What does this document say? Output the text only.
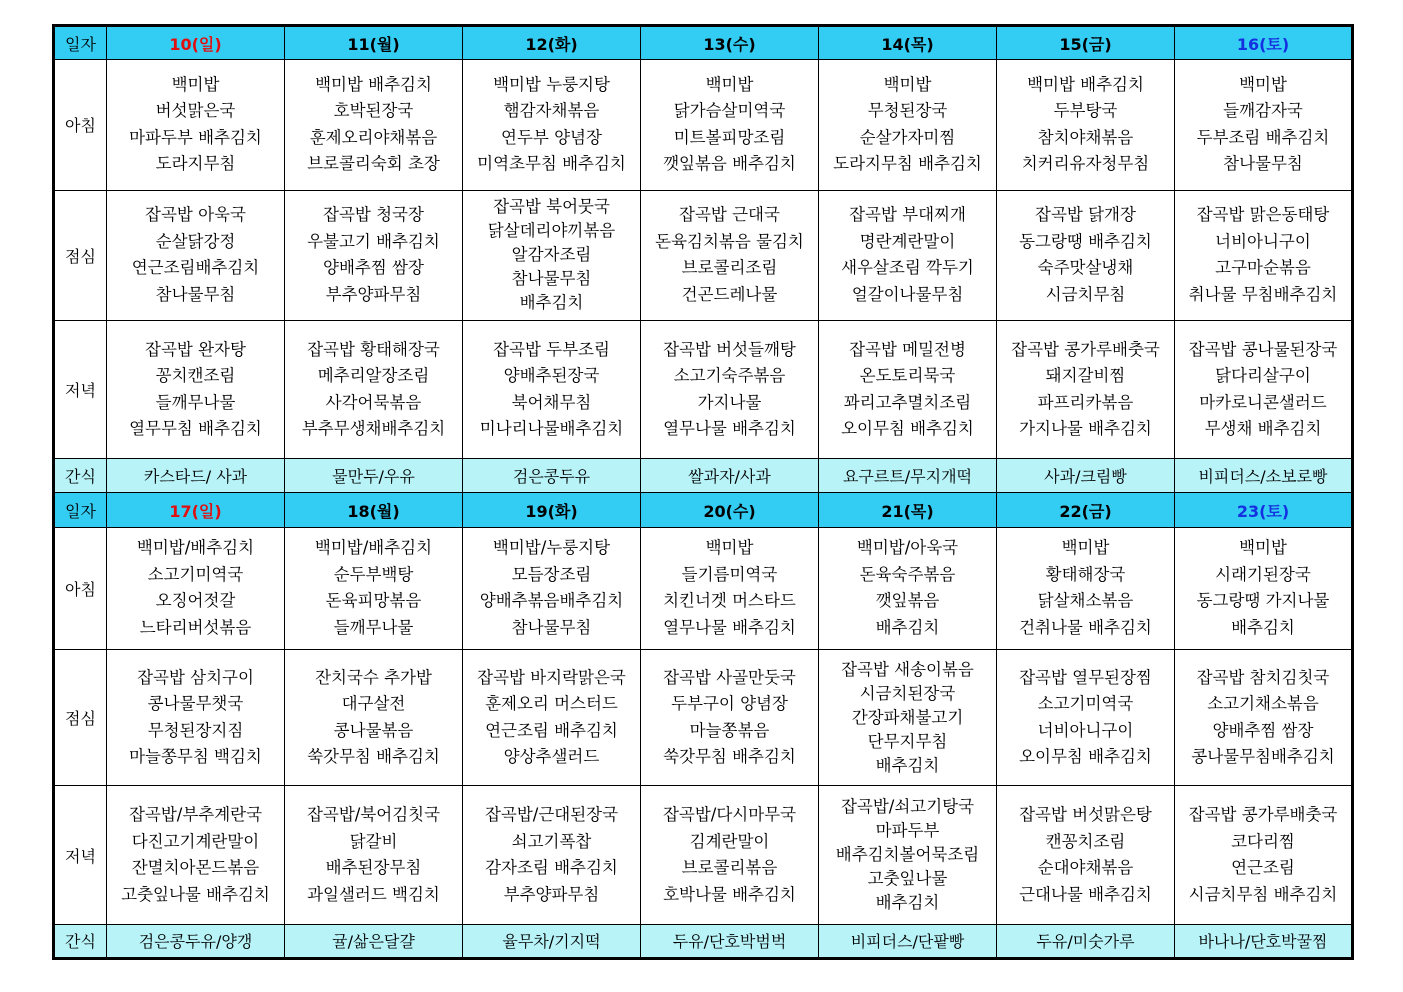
일자	10(일)	11(월)	12(화)	13(수)	14(목)	15(금)	16(토)
아침	백미밥
버섯맑은국
마파두부 배추김치
도라지무침	백미밥 배추김치
호박된장국
훈제오리야채볶음
브로콜리숙회 초장	백미밥 누룽지탕
햄감자채볶음
연두부 양념장
미역초무침 배추김치	백미밥
닭가슴살미역국
미트볼피망조림
깻잎볶음 배추김치	백미밥
무청된장국
순살가자미찜
도라지무침 배추김치	백미밥 배추김치
두부탕국
참치야채볶음
치커리유자청무침	백미밥
들깨감자국
두부조림 배추김치
참나물무침

점심	잡곡밥 아욱국
순살닭강정
연근조림배추김치
참나물무침	잡곡밥 청국장
우불고기 배추김치
양배추찜 쌈장
부추양파무침	잡곡밥 북어뭇국
닭살데리야끼볶음
알감자조림
참나물무침
배추김치	잡곡밥 근대국
돈육김치볶음 물김치
브로콜리조림
건곤드레나물	잡곡밥 부대찌개
명란계란말이
새우살조림 깍두기
얼갈이나물무침	잡곡밥 닭개장
동그랑땡 배추김치
숙주맛살냉채
시금치무침	잡곡밥 맑은동태탕
너비아니구이
고구마순볶음
취나물 무침배추김치

저녁	잡곡밥 완자탕
꽁치캔조림
들깨무나물
열무무침 배추김치	잡곡밥 황태해장국
메추리알장조림
사각어묵볶음
부추무생채배추김치	잡곡밥 두부조림
양배추된장국
북어채무침
미나리나물배추김치	잡곡밥 버섯들깨탕
소고기숙주볶음
가지나물
열무나물 배추김치	잡곡밥 메밀전병
온도토리묵국
꽈리고추멸치조림
오이무침 배추김치	잡곡밥 콩가루배춧국
돼지갈비찜
파프리카볶음
가지나물 배추김치	잡곡밥 콩나물된장국
닭다리살구이
마카로니콘샐러드
무생채 배추김치

간식	카스타드/ 사과	물만두/우유	검은콩두유	쌀과자/사과	요구르트/무지개떡	사과/크림빵	비피더스/소보로빵
일자	17(일)	18(월)	19(화)	20(수)	21(목)	22(금)	23(토)
아침	백미밥/배추김치
소고기미역국
오징어젓갈
느타리버섯볶음	백미밥/배추김치
순두부백탕
돈육피망볶음
들깨무나물	백미밥/누룽지탕
모듬장조림
양배추볶음배추김치
참나물무침	백미밥
들기름미역국
치킨너겟 머스타드
열무나물 배추김치	백미밥/아욱국
돈육숙주볶음
깻잎볶음
배추김치	백미밥
황태해장국
닭살채소볶음
건취나물 배추김치	백미밥
시래기된장국
동그랑땡 가지나물
배추김치

점심	잡곡밥 삼치구이
콩나물무챗국
무청된장지짐
마늘쫑무침 백김치	잔치국수 추가밥
대구살전
콩나물볶음
쑥갓무침 배추김치	잡곡밥 바지락맑은국
훈제오리 머스터드
연근조림 배추김치
양상추샐러드	잡곡밥 사골만둣국
두부구이 양념장
마늘쫑볶음
쑥갓무침 배추김치	잡곡밥 새송이볶음
시금치된장국
간장파채불고기
단무지무침
배추김치	잡곡밥 열무된장찜
소고기미역국
너비아니구이
오이무침 배추김치	잡곡밥 참치김칫국
소고기채소볶음
양배추찜 쌈장
콩나물무침배추김치

저녁	잡곡밥/부추계란국
다진고기계란말이
잔멸치아몬드볶음
고춧잎나물 배추김치	잡곡밥/북어김칫국
닭갈비
배추된장무침
과일샐러드 백김치	잡곡밥/근대된장국
쇠고기폭찹
감자조림 배추김치
부추양파무침	잡곡밥/다시마무국
김계란말이
브로콜리볶음
호박나물 배추김치	잡곡밥/쇠고기탕국
마파두부
배추김치볼어묵조림
고춧잎나물
배추김치	잡곡밥 버섯맑은탕
캔꽁치조림
순대야채볶음
근대나물 배추김치	잡곡밥 콩가루배춧국
코다리찜
연근조림
시금치무침 배추김치

간식	검은콩두유/양갱	귤/삶은달걀	율무차/기지떡	두유/단호박범벅	비피더스/단팥빵	두유/미숫가루	바나나/단호박꿀찜
